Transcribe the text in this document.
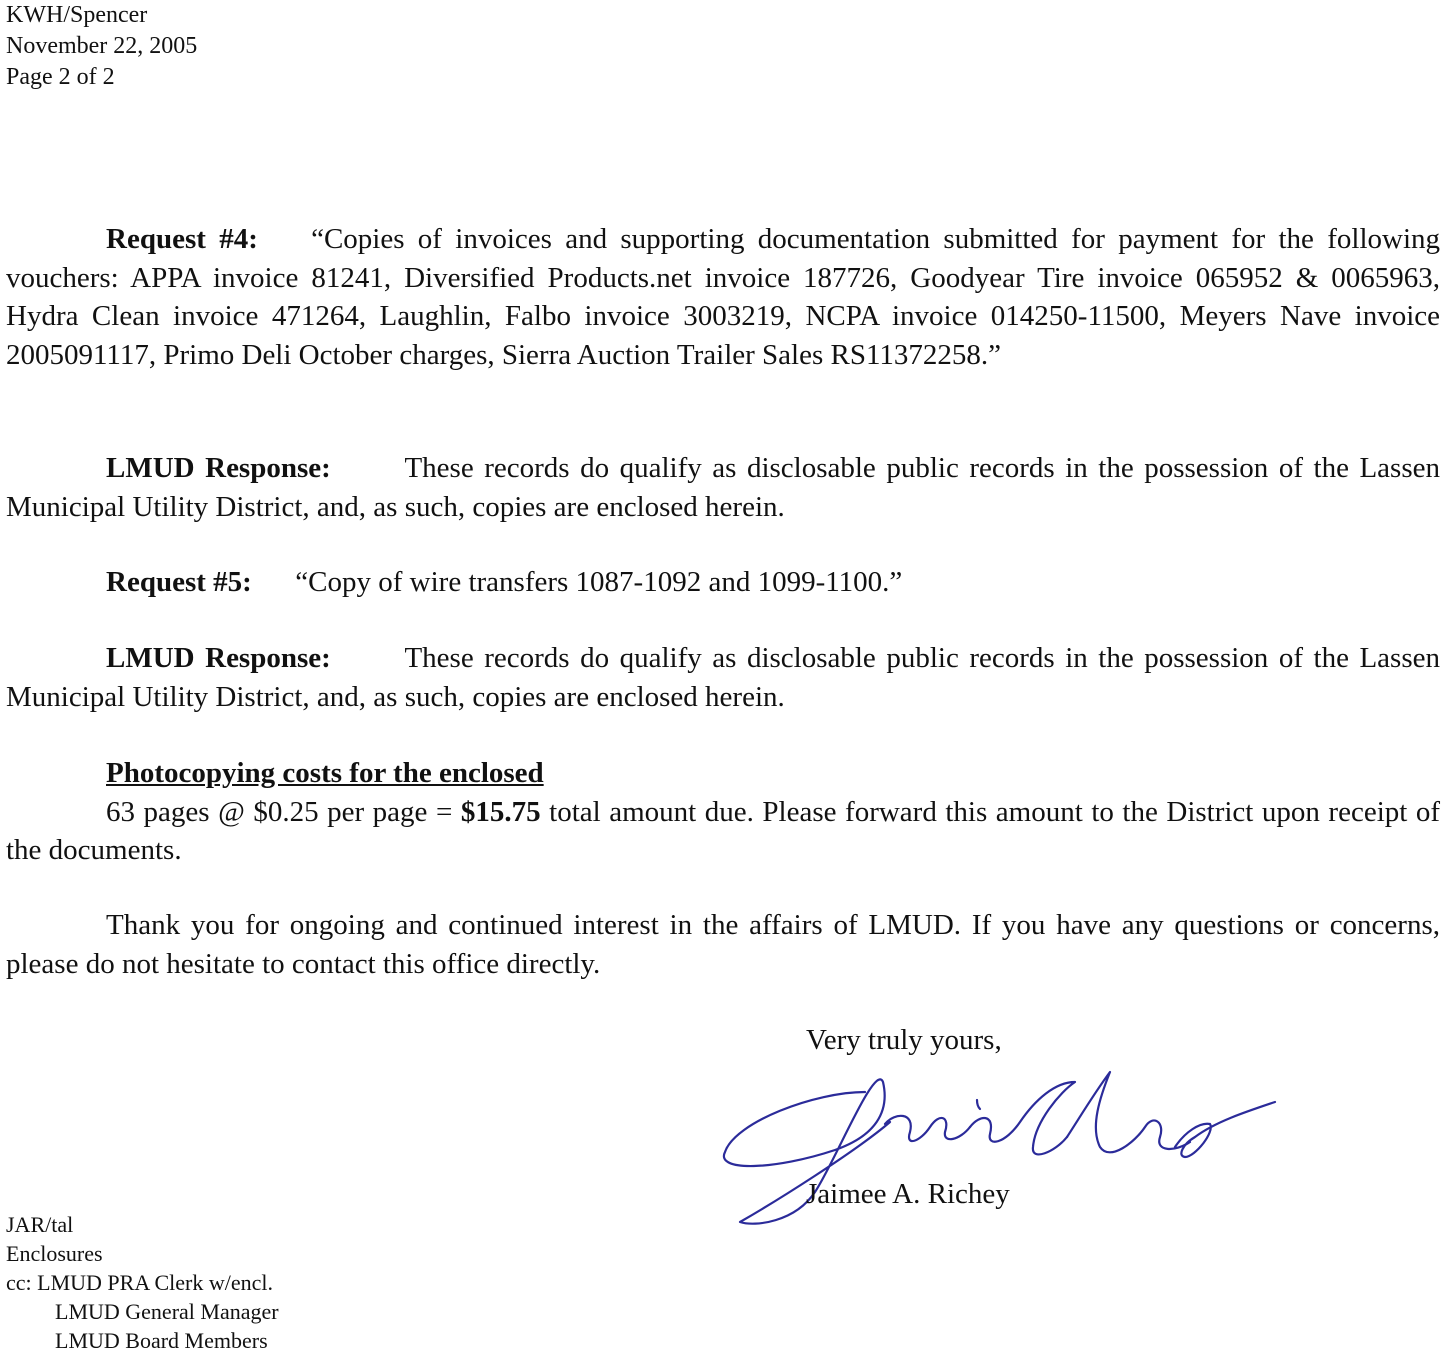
KWH/Spencer
November 22, 2005
Page 2 of 2
Request #4: “Copies of invoices and supporting documentation submitted for payment for the following vouchers: APPA invoice 81241, Diversified Products.net invoice 187726, Goodyear Tire invoice 065952 & 0065963, Hydra Clean invoice 471264, Laughlin, Falbo invoice 3003219, NCPA invoice 014250-11500, Meyers Nave invoice 2005091117, Primo Deli October charges, Sierra Auction Trailer Sales RS11372258.”
LMUD Response:	These records do qualify as disclosable public records in the possession of the Lassen Municipal Utility District, and, as such, copies are enclosed herein.
Request #5: “Copy of wire transfers 1087-1092 and 1099-1100.”
LMUD Response:	These records do qualify as disclosable public records in the possession of the Lassen Municipal Utility District, and, as such, copies are enclosed herein.
Photocopying costs for the enclosed
63 pages @ $0.25 per page = $15.75 total amount due. Please forward this amount to the District upon receipt of the documents.
Thank you for ongoing and continued interest in the affairs of LMUD. If you have any questions or concerns, please do not hesitate to contact this office directly.
Very truly yours,
Jaimee A. Richey
JAR/tal
Enclosures
cc: LMUD PRA Clerk w/encl.
LMUD General Manager
LMUD Board Members
